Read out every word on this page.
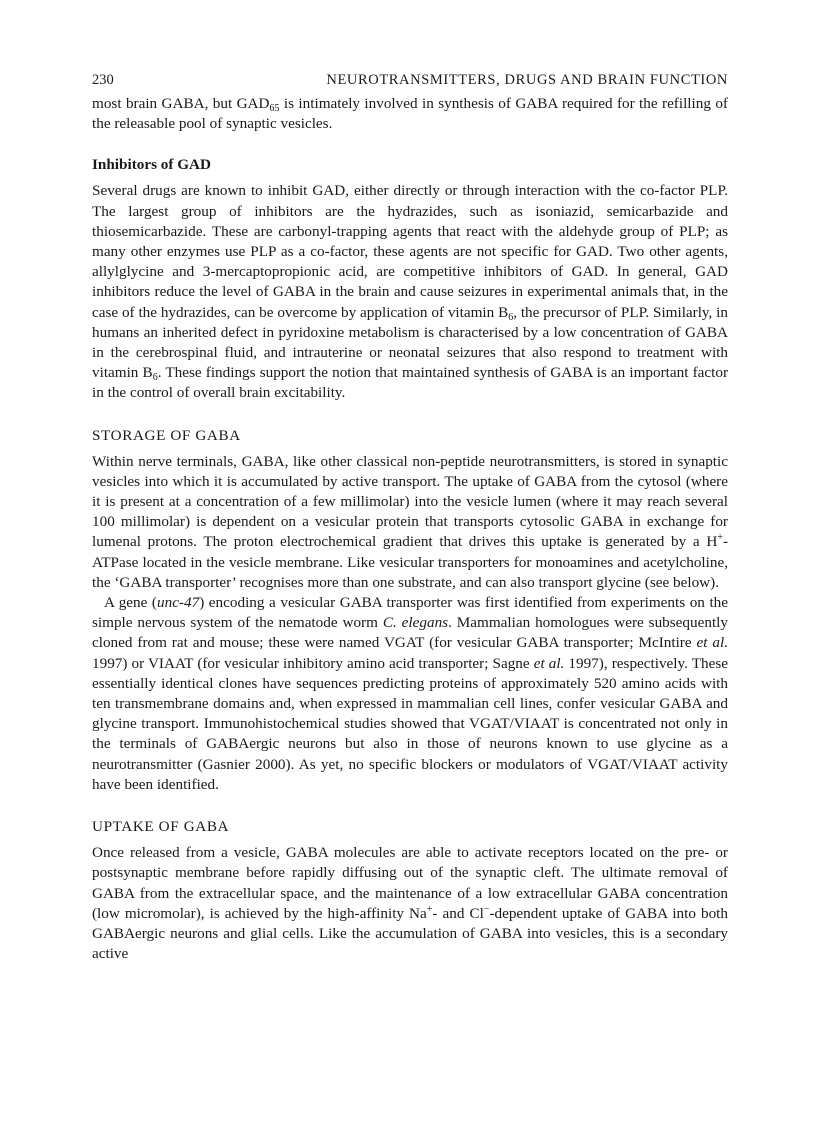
230	NEUROTRANSMITTERS, DRUGS AND BRAIN FUNCTION

most brain GABA, but $GAD_{65}$ is intimately involved in synthesis of GABA required for the refilling of the releasable pool of synaptic vesicles.

Inhibitors of GAD

Several drugs are known to inhibit GAD, either directly or through interaction with the co-factor PLP. The largest group of inhibitors are the hydrazides, such as isoniazid, semicarbazide and thiosemicarbazide. These are carbonyl-trapping agents that react with the aldehyde group of PLP; as many other enzymes use PLP as a co-factor, these agents are not specific for GAD. Two other agents, allylglycine and 3-mercaptopropionic acid, are competitive inhibitors of GAD. In general, GAD inhibitors reduce the level of GABA in the brain and cause seizures in experimental animals that, in the case of the hydrazides, can be overcome by application of vitamin $B_6$, the precursor of PLP. Similarly, in humans an inherited defect in pyridoxine metabolism is characterised by a low concentration of GABA in the cerebrospinal fluid, and intrauterine or neonatal seizures that also respond to treatment with vitamin $B_6$. These findings support the notion that maintained synthesis of GABA is an important factor in the control of overall brain excitability.

STORAGE OF GABA

Within nerve terminals, GABA, like other classical non-peptide neurotransmitters, is stored in synaptic vesicles into which it is accumulated by active transport. The uptake of GABA from the cytosol (where it is present at a concentration of a few millimolar) into the vesicle lumen (where it may reach several 100 millimolar) is dependent on a vesicular protein that transports cytosolic GABA in exchange for lumenal protons. The proton electrochemical gradient that drives this uptake is generated by a H+-ATPase located in the vesicle membrane. Like vesicular transporters for monoamines and acetylcholine, the ‘GABA transporter’ recognises more than one substrate, and can also transport glycine (see below).

A gene (unc-47) encoding a vesicular GABA transporter was first identified from experiments on the simple nervous system of the nematode worm C. elegans. Mammalian homologues were subsequently cloned from rat and mouse; these were named VGAT (for vesicular GABA transporter; McIntire et al. 1997) or VIAAT (for vesicular inhibitory amino acid transporter; Sagne et al. 1997), respectively. These essentially identical clones have sequences predicting proteins of approximately 520 amino acids with ten transmembrane domains and, when expressed in mammalian cell lines, confer vesicular GABA and glycine transport. Immunohistochemical studies showed that VGAT/VIAAT is concentrated not only in the terminals of GABAergic neurons but also in those of neurons known to use glycine as a neurotransmitter (Gasnier 2000). As yet, no specific blockers or modulators of VGAT/VIAAT activity have been identified.

UPTAKE OF GABA

Once released from a vesicle, GABA molecules are able to activate receptors located on the pre- or postsynaptic membrane before rapidly diffusing out of the synaptic cleft. The ultimate removal of GABA from the extracellular space, and the maintenance of a low extracellular GABA concentration (low micromolar), is achieved by the high-affinity Na+- and Cl−-dependent uptake of GABA into both GABAergic neurons and glial cells. Like the accumulation of GABA into vesicles, this is a secondary active
